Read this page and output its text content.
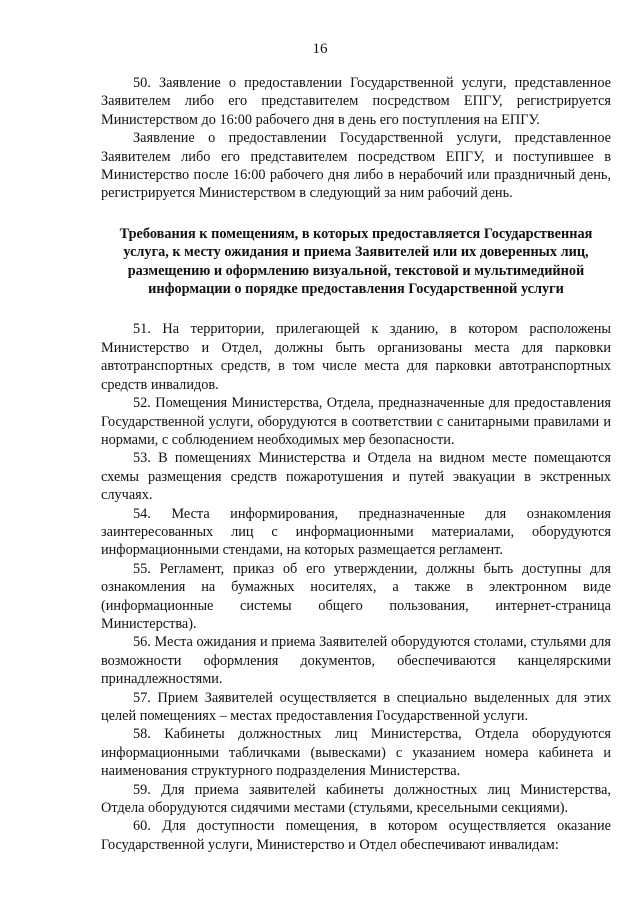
16

50. Заявление о предоставлении Государственной услуги, представленное Заявителем либо его представителем посредством ЕПГУ, регистрируется Министерством до 16:00 рабочего дня в день его поступления на ЕПГУ.

Заявление о предоставлении Государственной услуги, представленное Заявителем либо его представителем посредством ЕПГУ, и поступившее в Министерство после 16:00 рабочего дня либо в нерабочий или праздничный день, регистрируется Министерством в следующий за ним рабочий день.

Требования к помещениям, в которых предоставляется Государственная услуга, к месту ожидания и приема Заявителей или их доверенных лиц, размещению и оформлению визуальной, текстовой и мультимедийной информации о порядке предоставления Государственной услуги

51. На территории, прилегающей к зданию, в котором расположены Министерство и Отдел, должны быть организованы места для парковки автотранспортных средств, в том числе места для парковки автотранспортных средств инвалидов.

52. Помещения Министерства, Отдела, предназначенные для предоставления Государственной услуги, оборудуются в соответствии с санитарными правилами и нормами, с соблюдением необходимых мер безопасности.

53. В помещениях Министерства и Отдела на видном месте помещаются схемы размещения средств пожаротушения и путей эвакуации в экстренных случаях.

54. Места информирования, предназначенные для ознакомления заинтересованных лиц с информационными материалами, оборудуются информационными стендами, на которых размещается регламент.

55. Регламент, приказ об его утверждении, должны быть доступны для ознакомления на бумажных носителях, а также в электронном виде (информационные системы общего пользования, интернет-страница Министерства).

56. Места ожидания и приема Заявителей оборудуются столами, стульями для возможности оформления документов, обеспечиваются канцелярскими принадлежностями.

57. Прием Заявителей осуществляется в специально выделенных для этих целей помещениях – местах предоставления Государственной услуги.

58. Кабинеты должностных лиц Министерства, Отдела оборудуются информационными табличками (вывесками) с указанием номера кабинета и наименования структурного подразделения Министерства.

59. Для приема заявителей кабинеты должностных лиц Министерства, Отдела оборудуются сидячими местами (стульями, кресельными секциями).

60. Для доступности помещения, в котором осуществляется оказание Государственной услуги, Министерство и Отдел обеспечивают инвалидам:
